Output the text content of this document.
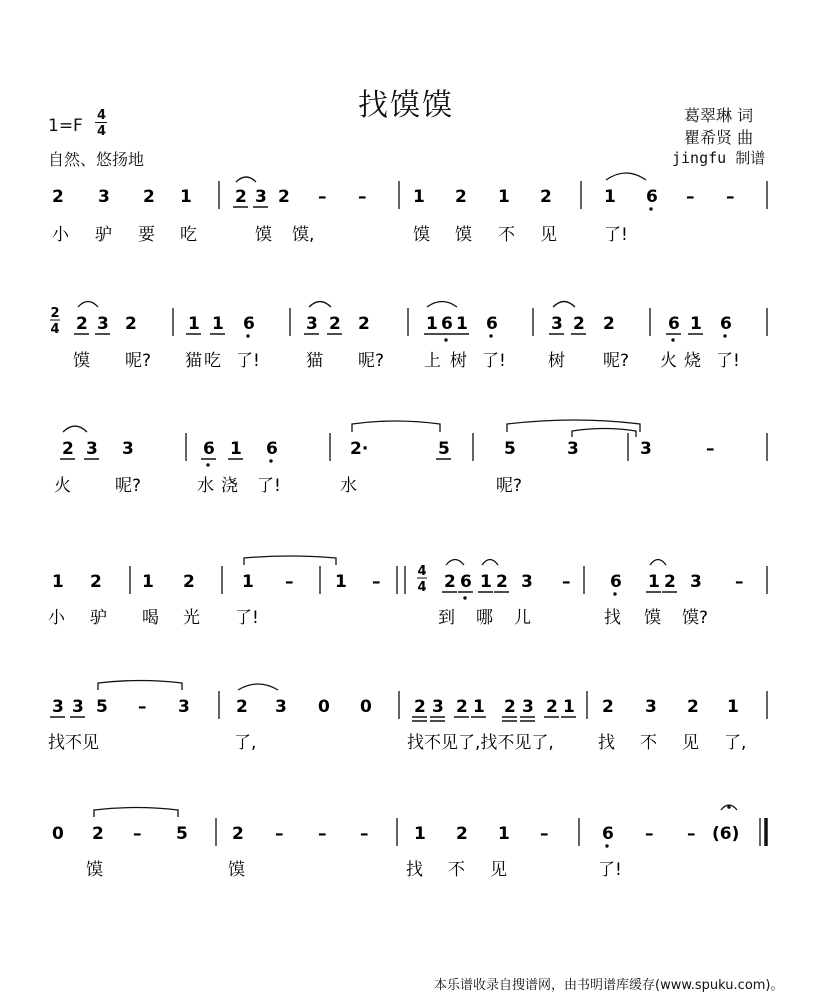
找馍馍
1=F
4
4
自然、悠扬地
葛翠琳 词
瞿希贤 曲
jingfu 制谱
2
4
4
4
2 3 2 1	2 3 2 – –	1 2 1 2	1 6 – –
2 3 2	1 1 6	3 2 2	1 6 1 6	3 2 2	6 1 6
2 3 3	6 1 6	2·	5	5	3	3	–
1 2 1 2	1 – 1 –	2 6 1 2 3 – 6 1 2 3 –
3 3 5 – 3	2 3 0 0 2 3 2 1 2 3 2 1 2 3 2 1
0 2 – 5	2 – – –	1 2 1 –	6 – – (6)
小 驴 要 吃	馍 馍,	馍 馍 不 见	了!
馍 呢? 猫 吃 了!	猫 呢? 上 树 了! 树 呢? 火 烧 了!
火	呢?	水 浇 了!	水	呢?
小 驴 喝 光 了!	到 哪 儿	找 馍 馍?
找不见	了,	找不见了,找不见了,	找 不 见 了,
馍	馍	找 不 见	了!
本乐谱收录自搜谱网，由书明谱库缓存(www.spuku.com)。
